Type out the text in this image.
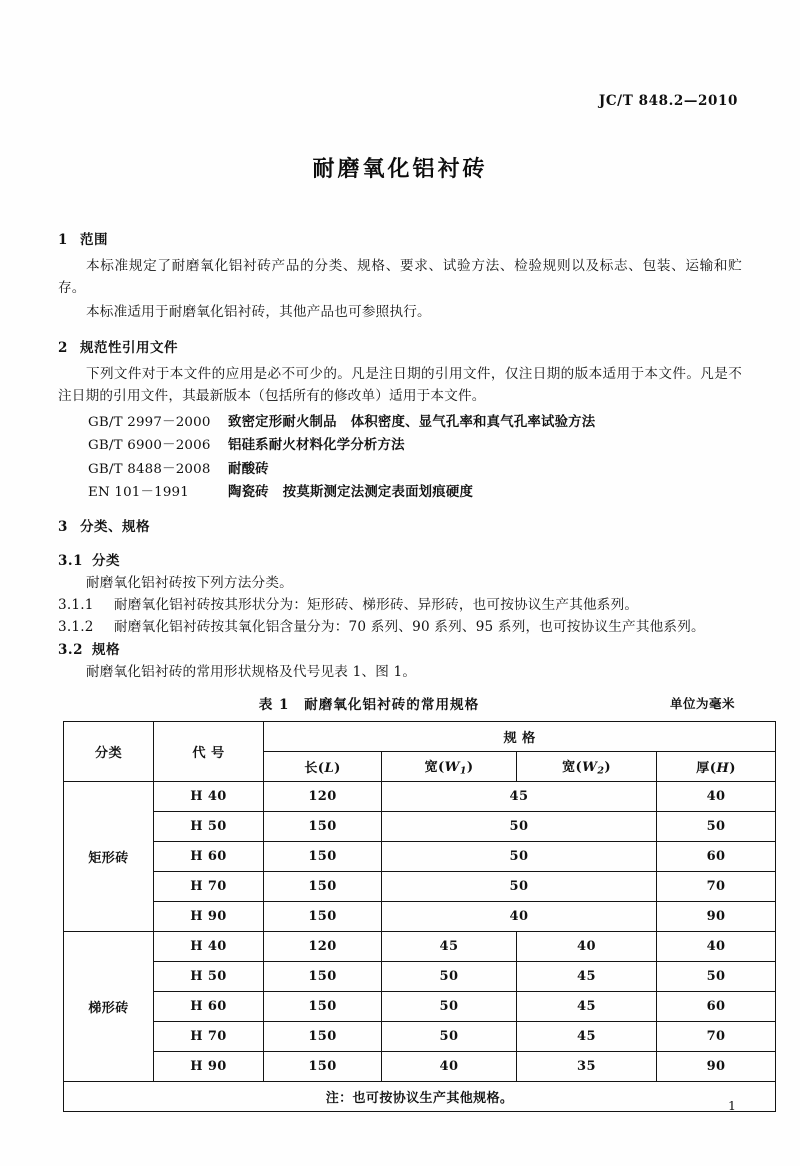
JC/T 848.2—2010
耐磨氧化铝衬砖
1 范围

本标准规定了耐磨氧化铝衬砖产品的分类、规格、要求、试验方法、检验规则以及标志、包装、运输和贮存。

本标准适用于耐磨氧化铝衬砖，其他产品也可参照执行。

2 规范性引用文件

下列文件对于本文件的应用是必不可少的。凡是注日期的引用文件，仅注日期的版本适用于本文件。凡是不注日期的引用文件，其最新版本（包括所有的修改单）适用于本文件。

GB/T 2997－2000 致密定形耐火制品 体积密度、显气孔率和真气孔率试验方法

GB/T 6900－2006 铝硅系耐火材料化学分析方法

GB/T 8488－2008 耐酸砖

EN 101－1991	陶瓷砖 按莫斯测定法测定表面划痕硬度

3 分类、规格
3.1 分类

耐磨氧化铝衬砖按下列方法分类。

3.1.1	耐磨氧化铝衬砖按其形状分为：矩形砖、梯形砖、异形砖，也可按协议生产其他系列。
3.1.2	耐磨氧化铝衬砖按其氧化铝含量分为：70 系列、90 系列、95 系列，也可按协议生产其他系列。
3.2 规格

耐磨氧化铝衬砖的常用形状规格及代号见表 1、图 1。

表 1　耐磨氧化铝衬砖的常用规格	单位为毫米
分类	代 号	规 格			
		长(L)	宽$(W_1)$	宽$(W_2)$	厚(H)
矩形砖	H 40	120	45		40
	H 50	150	50		50
	H 60	150	50		60
	H 70	150	50		70
	H 90	150	40		90
梯形砖	H 40	120	45	40	40
	H 50	150	50	45	50
	H 60	150	50	45	60
	H 70	150	50	45	70
	H 90	150	40	35	90
注：也可按协议生产其他规格。						1
